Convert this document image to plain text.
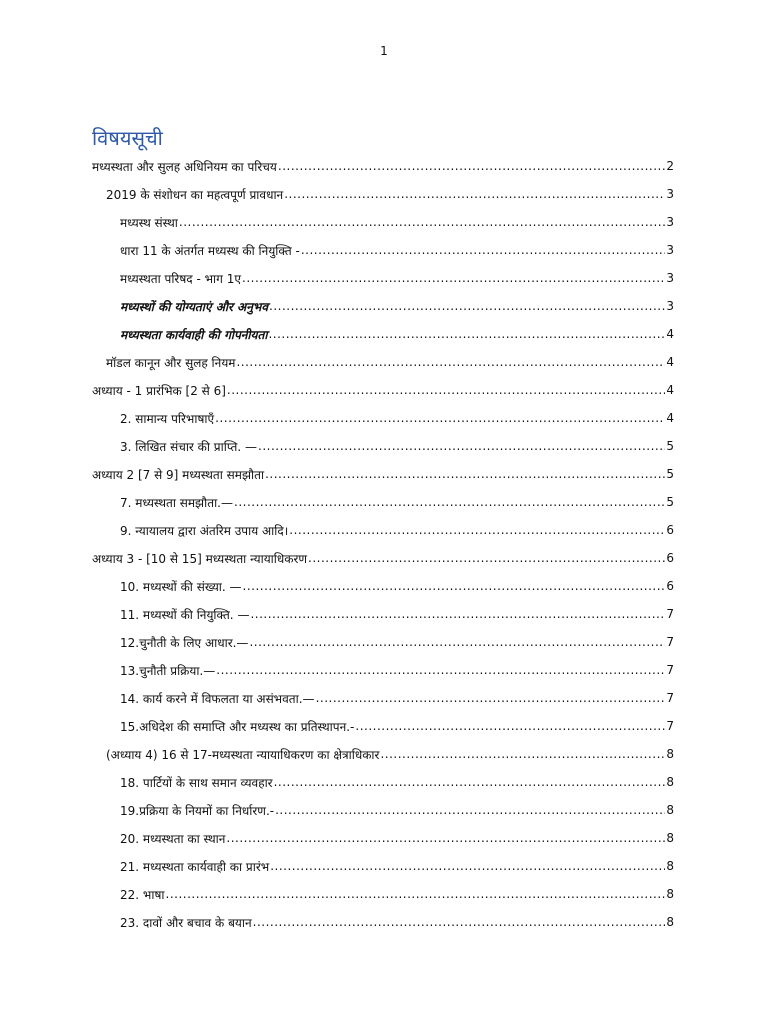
1
विषयसूची
मध्यस्थता और सुलह अधिनियम का परिचय .....	2
2019 के संशोधन का महत्वपूर्ण प्रावधान .....	3
मध्यस्थ संस्था .....	3
धारा 11 के अंतर्गत मध्यस्थ की नियुक्ति - .....	3
मध्यस्थता परिषद - भाग 1ए .....	3
मध्यस्थों की योग्यताएं और अनुभव .....	3
मध्यस्थता कार्यवाही की गोपनीयता .....	4
मॉडल कानून और सुलह नियम .....	4
अध्याय - 1 प्रारंभिक [2 से 6] .....	4
2. सामान्य परिभाषाएँ .....	4
3. लिखित संचार की प्राप्ति. — .....	5
अध्याय 2 [7 से 9] मध्यस्थता समझौता .....	5
7. मध्यस्थता समझौता.— .....	5
9. न्यायालय द्वारा अंतरिम उपाय आदि। .....	6
अध्याय 3 - [10 से 15] मध्यस्थता न्यायाधिकरण .....	6
10. मध्यस्थों की संख्या. — .....	6
11. मध्यस्थों की नियुक्ति. — .....	7
12.चुनौती के लिए आधार.— .....	7
13.चुनौती प्रक्रिया.— .....	7
14. कार्य करने में विफलता या असंभवता.— .....	7
15.अधिदेश की समाप्ति और मध्यस्थ का प्रतिस्थापन.- .....	7
(अध्याय 4) 16 से 17-मध्यस्थता न्यायाधिकरण का क्षेत्राधिकार .....	8
18. पार्टियों के साथ समान व्यवहार .....	8
19.प्रक्रिया के नियमों का निर्धारण.- .....	8
20. मध्यस्थता का स्थान .....	8
21. मध्यस्थता कार्यवाही का प्रारंभ .....	8
22. भाषा .....	8
23. दावों और बचाव के बयान .....	8
